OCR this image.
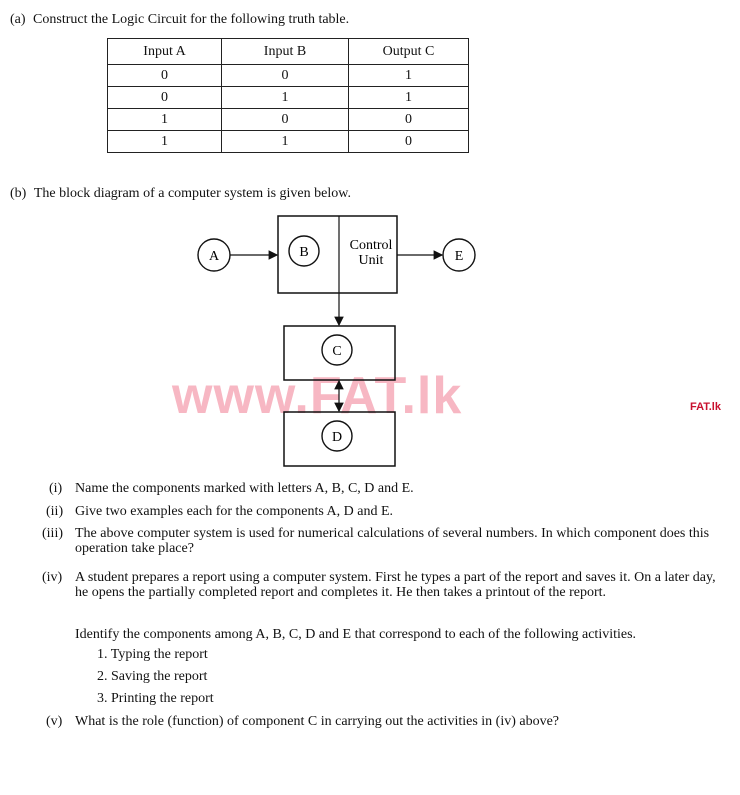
(a) Construct the Logic Circuit for the following truth table.
Input A	Input B	Output C
0	0	1
0	1	1
1	0	0
1	1	0
(b) The block diagram of a computer system is given below.
www.FAT.lk	FAT.lk
A	B	Control
Unit	E
C
D
(i) Name the components marked with letters A, B, C, D and E.
(ii) Give two examples each for the components A, D and E.
(iii) The above computer system is used for numerical calculations of several numbers. In which component does this operation take place?
(iv) A student prepares a report using a computer system. First he types a part of the report and saves it. On a later day, he opens the partially completed report and completes it. He then takes a printout of the report.
Identify the components among A, B, C, D and E that correspond to each of the following activities.
1. Typing the report
2. Saving the report
3. Printing the report
(v) What is the role (function) of component C in carrying out the activities in (iv) above?
